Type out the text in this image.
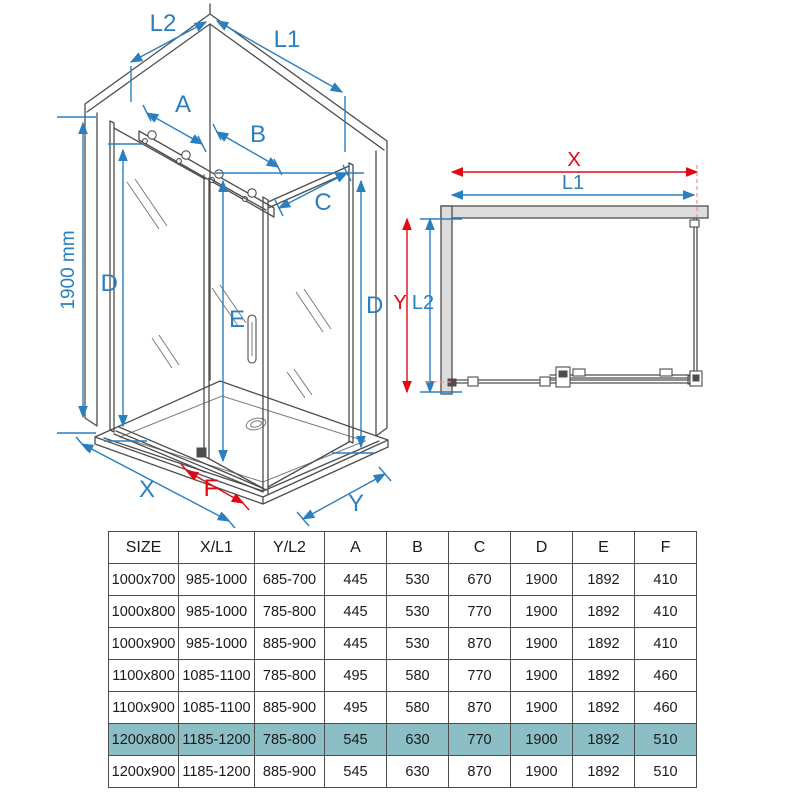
L2
L1
A
B
C
1900 mm D
E
D
X F
Y
X
L1
Y L2
SIZE	X/L1	Y/L2	A	B	C	D	E	F
1000x700	985-1000	685-700	445	530	670	1900	1892	410
1000x800	985-1000	785-800	445	530	770	1900	1892	410
1000x900	985-1000	885-900	445	530	870	1900	1892	410
1100x800	1085-1100	785-800	495	580	770	1900	1892	460
1100x900	1085-1100	885-900	495	580	870	1900	1892	460
1200x800	1185-1200	785-800	545	630	770	1900	1892	510
1200x900	1185-1200	885-900	545	630	870	1900	1892	510
